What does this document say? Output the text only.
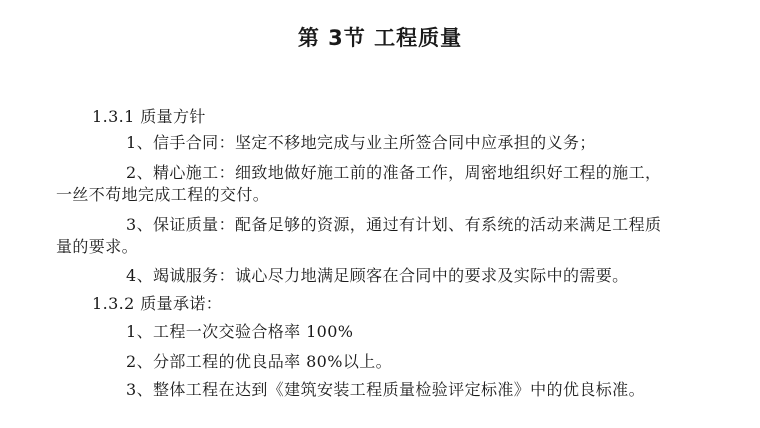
第 3节 工程质量
1.3.1 质量方针
1、信手合同：坚定不移地完成与业主所签合同中应承担的义务；
2、精心施工：细致地做好施工前的准备工作，周密地组织好工程的施工，
一丝不苟地完成工程的交付。
3、保证质量：配备足够的资源，通过有计划、有系统的活动来满足工程质
量的要求。
4、竭诚服务：诚心尽力地满足顾客在合同中的要求及实际中的需要。
1.3.2 质量承诺：
1、工程一次交验合格率 100%
2、分部工程的优良品率 80%以上。
3、整体工程在达到《建筑安装工程质量检验评定标准》中的优良标准。
